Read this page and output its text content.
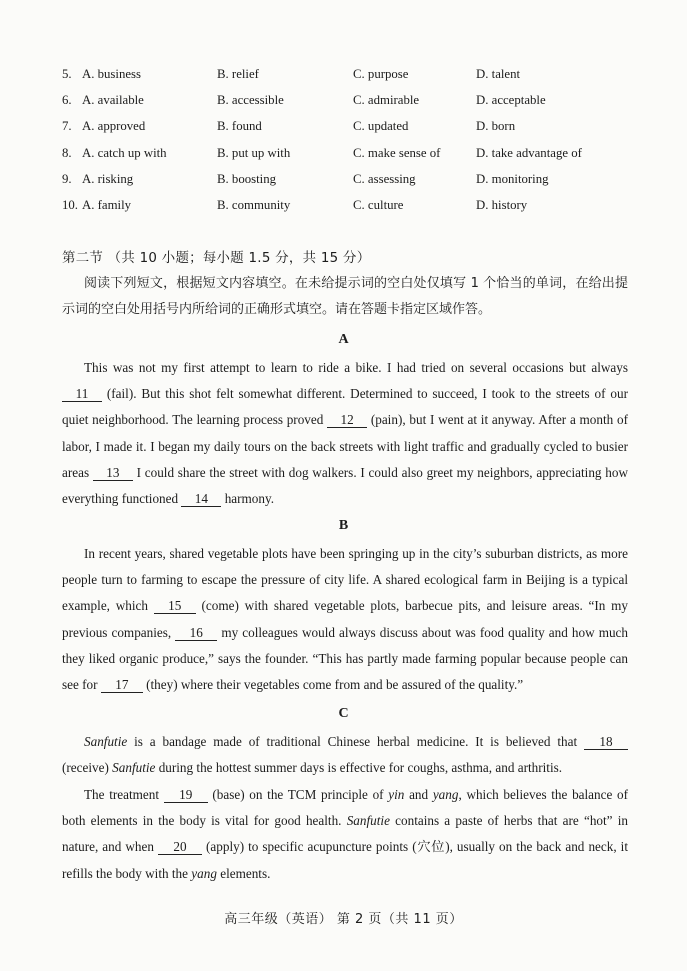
5. A. business	B. relief	C. purpose	D. talent
6. A. available	B. accessible	C. admirable	D. acceptable
7. A. approved	B. found	C. updated	D. born
8. A. catch up with	B. put up with	C. make sense of	D. take advantage of
9. A. risking	B. boosting	C. assessing	D. monitoring
10. A. family	B. community	C. culture	D. history
第二节 （共 10 小题；每小题 1.5 分，共 15 分）
阅读下列短文，根据短文内容填空。在未给提示词的空白处仅填写 1 个恰当的单词，在给出提示词的空白处用括号内所给词的正确形式填空。请在答题卡指定区域作答。
A
This was not my first attempt to learn to ride a bike. I had tried on several occasions but always 11 (fail). But this shot felt somewhat different. Determined to succeed, I took to the streets of our quiet neighborhood. The learning process proved 12 (pain), but I went at it anyway. After a month of labor, I made it. I began my daily tours on the back streets with light traffic and gradually cycled to busier areas 13 I could share the street with dog walkers. I could also greet my neighbors, appreciating how everything functioned 14 harmony.
B
In recent years, shared vegetable plots have been springing up in the city’s suburban districts, as more people turn to farming to escape the pressure of city life. A shared ecological farm in Beijing is a typical example, which 15 (come) with shared vegetable plots, barbecue pits, and leisure areas. “In my previous companies, 16 my colleagues would always discuss about was food quality and how much they liked organic produce,” says the founder. “This has partly made farming popular because people can see for 17 (they) where their vegetables come from and be assured of the quality.”
C
Sanfutie is a bandage made of traditional Chinese herbal medicine. It is believed that 18 (receive) Sanfutie during the hottest summer days is effective for coughs, asthma, and arthritis.
The treatment 19 (base) on the TCM principle of yin and yang, which believes the balance of both elements in the body is vital for good health. Sanfutie contains a paste of herbs that are “hot” in nature, and when 20 (apply) to specific acupuncture points (穴位), usually on the back and neck, it refills the body with the yang elements.
高三年级（英语） 第 2 页（共 11 页）
